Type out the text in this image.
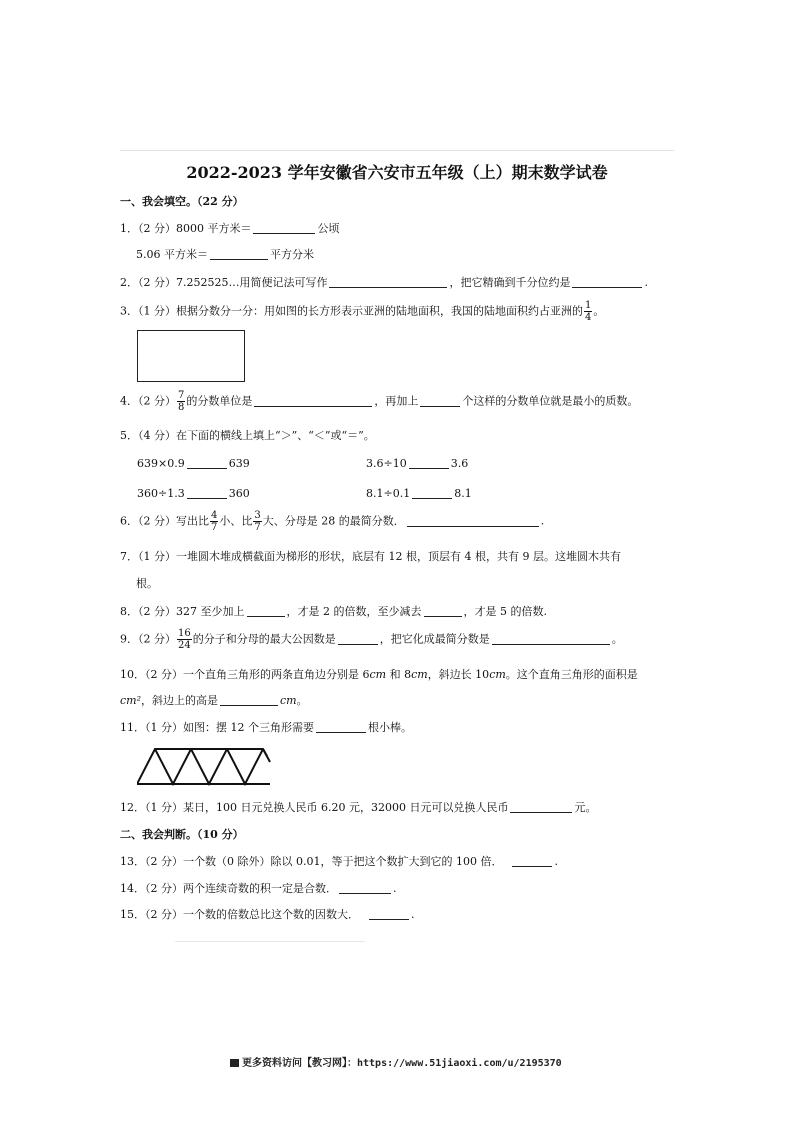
2022-2023 学年安徽省六安市五年级（上）期末数学试卷
一、我会填空。（22 分）
1．（2 分）8000 平方米＝	公顷
5.06 平方米＝	平方分米
2．（2 分）7.252525…用简便记法可写作	，把它精确到千分位约是	.
3．（1 分）根据分数分一分：用如图的长方形表示亚洲的陆地面积，我国的陆地面积约占亚洲的 $\frac{1}{4}$ 。
4．（2 分） $\frac{7}{8}$ 的分数单位是	，再加上	个这样的分数单位就是最小的质数。
5．（4 分）在下面的横线上填上“＞”、“＜”或“＝”。
639×0.9	639	3.6÷10	3.6
360÷1.3	360	8.1÷0.1	8.1
6．（2 分）写出比 $\frac{4}{7}$ 小、比 $\frac{3}{7}$ 大、分母是 28 的最简分数．	.
7．（1 分）一堆圆木堆成横截面为梯形的形状，底层有 12 根，顶层有 4 根，共有 9 层。这堆圆木共有
根。
8．（2 分）327 至少加上	，才是 2 的倍数，至少减去	，才是 5 的倍数.
9．（2 分） $\frac{16}{24}$ 的分子和分母的最大公因数是	，把它化成最简分数是	。
10．（2 分）一个直角三角形的两条直角边分别是 6cm 和 8cm，斜边长 10cm。这个直角三角形的面积是
cm²，斜边上的高是	cm。
11．（1 分）如图：摆 12 个三角形需要	根小棒。
12．（1 分）某日，100 日元兑换人民币 6.20 元，32000 日元可以兑换人民币	元。
二、我会判断。（10 分）
13．（2 分）一个数（0 除外）除以 0.01，等于把这个数扩大到它的 100 倍．	.
14．（2 分）两个连续奇数的积一定是合数．	.
15．（2 分）一个数的倍数总比这个数的因数大．	.
更多资料访问【教习网】：https://www.51jiaoxi.com/u/2195370
